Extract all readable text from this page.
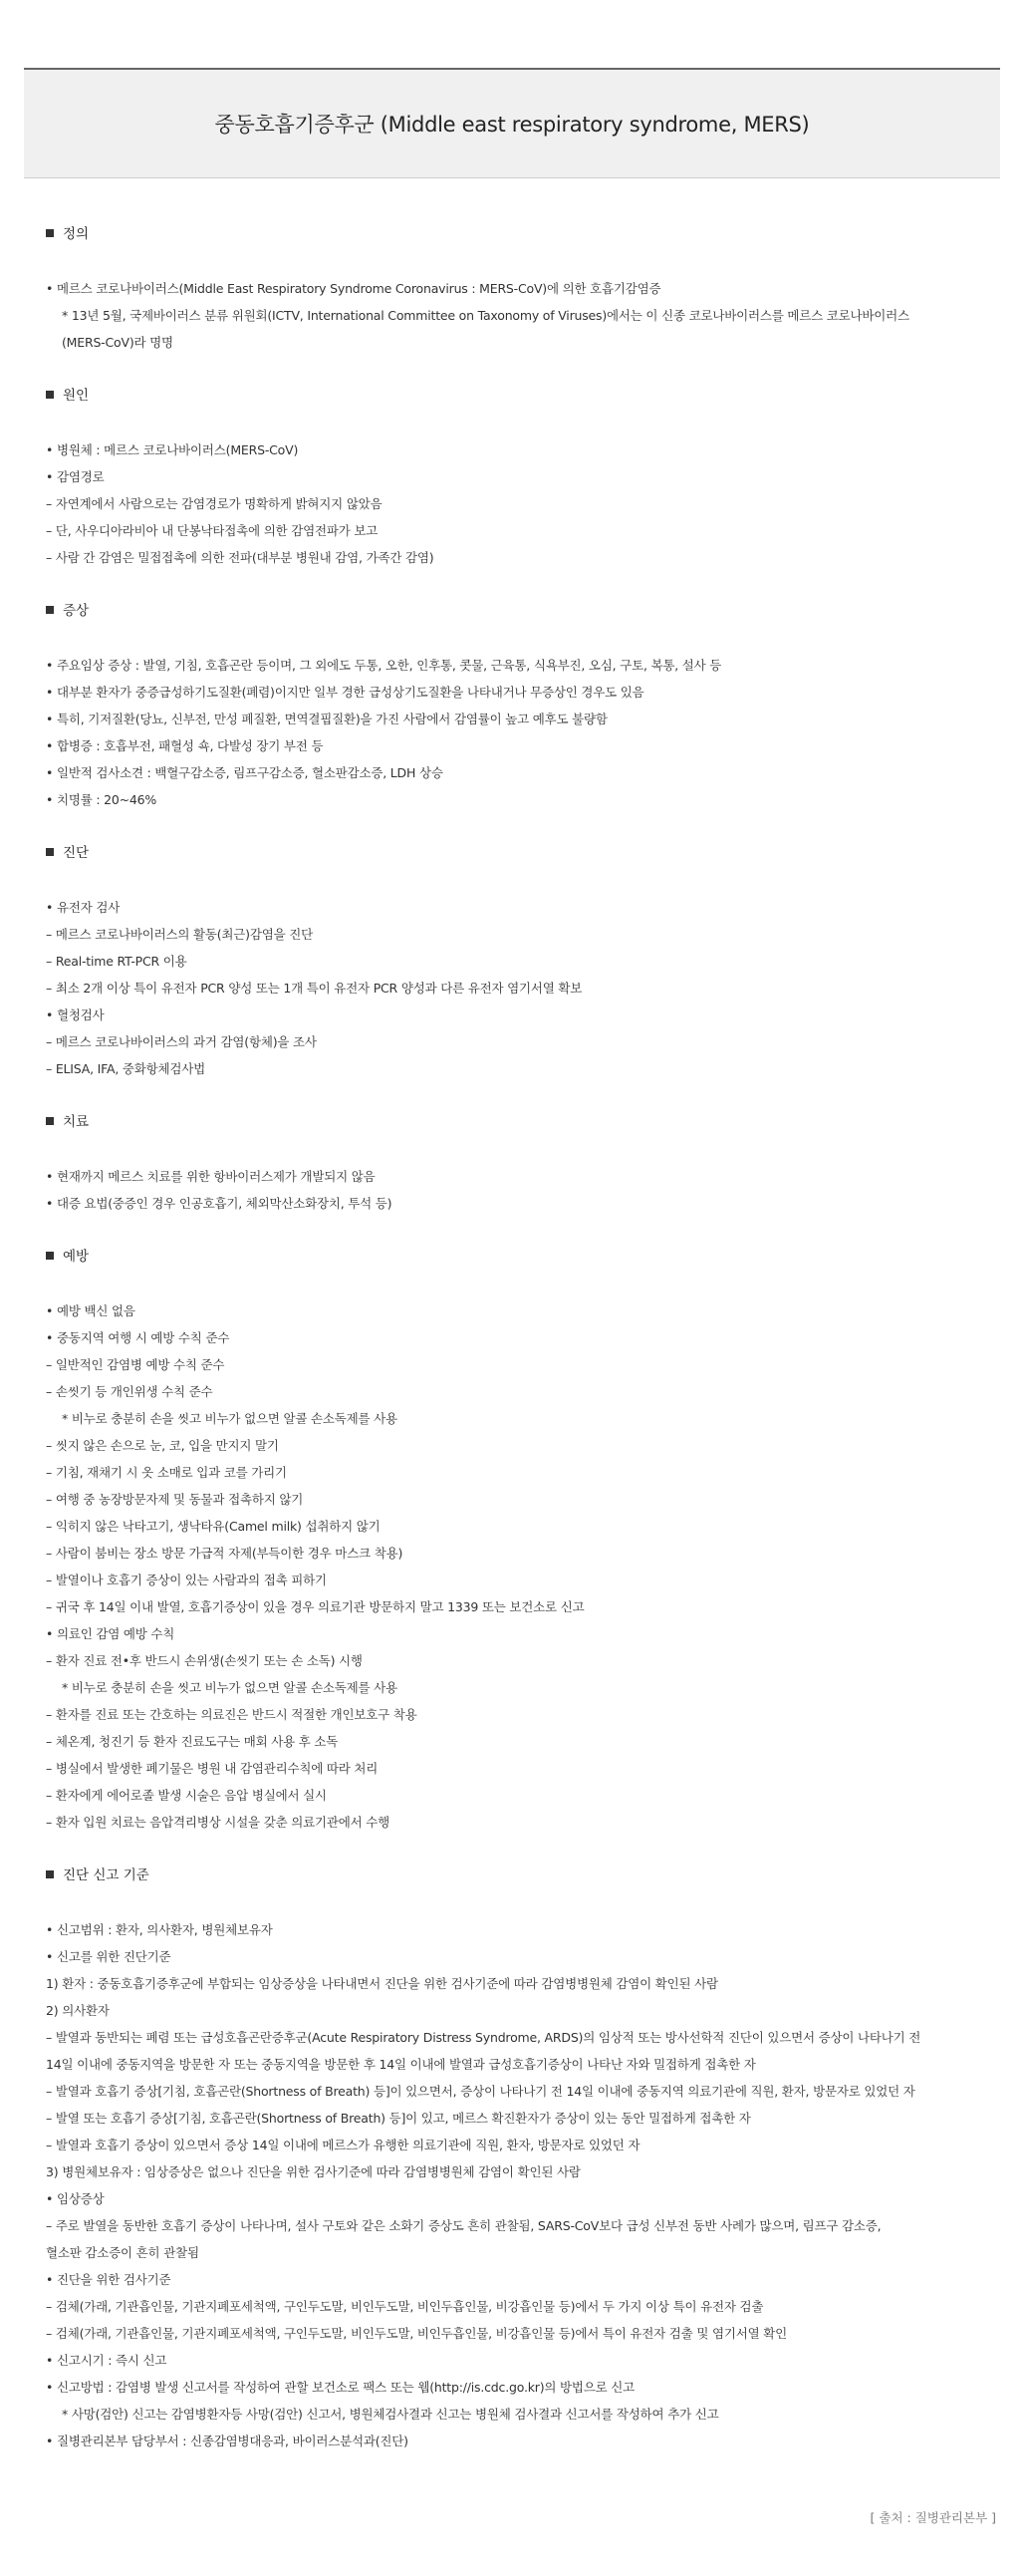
중동호흡기증후군 (Middle east respiratory syndrome, MERS)
정의
• 메르스 코로나바이러스(Middle East Respiratory Syndrome Coronavirus : MERS-CoV)에 의한 호흡기감염증
* 13년 5월, 국제바이러스 분류 위원회(ICTV, International Committee on Taxonomy of Viruses)에서는 이 신종 코로나바이러스를 메르스 코로나바이러스
(MERS-CoV)라 명명
원인
• 병원체 : 메르스 코로나바이러스(MERS-CoV)
• 감염경로
– 자연계에서 사람으로는 감염경로가 명확하게 밝혀지지 않았음
– 단, 사우디아라비아 내 단봉낙타접촉에 의한 감염전파가 보고
– 사람 간 감염은 밀접접촉에 의한 전파(대부분 병원내 감염, 가족간 감염)
증상
• 주요임상 증상 : 발열, 기침, 호흡곤란 등이며, 그 외에도 두통, 오한, 인후통, 콧물, 근육통, 식욕부진, 오심, 구토, 복통, 설사 등
• 대부분 환자가 중증급성하기도질환(폐렴)이지만 일부 경한 급성상기도질환을 나타내거나 무증상인 경우도 있음
• 특히, 기저질환(당뇨, 신부전, 만성 폐질환, 면역결핍질환)을 가진 사람에서 감염률이 높고 예후도 불량함
• 합병증 : 호흡부전, 패혈성 쇽, 다발성 장기 부전 등
• 일반적 검사소견 : 백혈구감소증, 림프구감소증, 혈소판감소증, LDH 상승
• 치명률 : 20~46%
진단
• 유전자 검사
– 메르스 코로나바이러스의 활동(최근)감염을 진단
– Real-time RT-PCR 이용
– 최소 2개 이상 특이 유전자 PCR 양성 또는 1개 특이 유전자 PCR 양성과 다른 유전자 염기서열 확보
• 혈청검사
– 메르스 코로나바이러스의 과거 감염(항체)을 조사
– ELISA, IFA, 중화항체검사법
치료
• 현재까지 메르스 치료를 위한 항바이러스제가 개발되지 않음
• 대증 요법(중증인 경우 인공호흡기, 체외막산소화장치, 투석 등)
예방
• 예방 백신 없음
• 중동지역 여행 시 예방 수칙 준수
– 일반적인 감염병 예방 수칙 준수
– 손씻기 등 개인위생 수칙 준수
* 비누로 충분히 손을 씻고 비누가 없으면 알콜 손소독제를 사용
– 씻지 않은 손으로 눈, 코, 입을 만지지 말기
– 기침, 재채기 시 옷 소매로 입과 코를 가리기
– 여행 중 농장방문자제 및 동물과 접촉하지 않기
– 익히지 않은 낙타고기, 생낙타유(Camel milk) 섭취하지 않기
– 사람이 붐비는 장소 방문 가급적 자제(부득이한 경우 마스크 착용)
– 발열이나 호흡기 증상이 있는 사람과의 접촉 피하기
– 귀국 후 14일 이내 발열, 호흡기증상이 있을 경우 의료기관 방문하지 말고 1339 또는 보건소로 신고
• 의료인 감염 예방 수칙
– 환자 진료 전•후 반드시 손위생(손씻기 또는 손 소독) 시행
* 비누로 충분히 손을 씻고 비누가 없으면 알콜 손소독제를 사용
– 환자를 진료 또는 간호하는 의료진은 반드시 적절한 개인보호구 착용
– 체온계, 청진기 등 환자 진료도구는 매회 사용 후 소독
– 병실에서 발생한 폐기물은 병원 내 감염관리수칙에 따라 처리
– 환자에게 에어로졸 발생 시술은 음압 병실에서 실시
– 환자 입원 치료는 음압격리병상 시설을 갖춘 의료기관에서 수행
진단 신고 기준
• 신고범위 : 환자, 의사환자, 병원체보유자
• 신고를 위한 진단기준
1) 환자 : 중동호흡기증후군에 부합되는 임상증상을 나타내면서 진단을 위한 검사기준에 따라 감염병병원체 감염이 확인된 사람
2) 의사환자
– 발열과 동반되는 폐렴 또는 급성호흡곤란증후군(Acute Respiratory Distress Syndrome, ARDS)의 임상적 또는 방사선학적 진단이 있으면서 증상이 나타나기 전
14일 이내에 중동지역을 방문한 자 또는 중동지역을 방문한 후 14일 이내에 발열과 급성호흡기증상이 나타난 자와 밀접하게 접촉한 자
– 발열과 호흡기 증상[기침, 호흡곤란(Shortness of Breath) 등]이 있으면서, 증상이 나타나기 전 14일 이내에 중동지역 의료기관에 직원, 환자, 방문자로 있었던 자
– 발열 또는 호흡기 증상[기침, 호흡곤란(Shortness of Breath) 등]이 있고, 메르스 확진환자가 증상이 있는 동안 밀접하게 접촉한 자
– 발열과 호흡기 증상이 있으면서 증상 14일 이내에 메르스가 유행한 의료기관에 직원, 환자, 방문자로 있었던 자
3) 병원체보유자 : 임상증상은 없으나 진단을 위한 검사기준에 따라 감염병병원체 감염이 확인된 사람
• 임상증상
– 주로 발열을 동반한 호흡기 증상이 나타나며, 설사 구토와 같은 소화기 증상도 흔히 관찰됨, SARS-CoV보다 급성 신부전 동반 사례가 많으며, 림프구 감소증,
혈소판 감소증이 흔히 관찰됨
• 진단을 위한 검사기준
– 검체(가래, 기관흡인물, 기관지폐포세척액, 구인두도말, 비인두도말, 비인두흡인물, 비강흡인물 등)에서 두 가지 이상 특이 유전자 검출
– 검체(가래, 기관흡인물, 기관지폐포세척액, 구인두도말, 비인두도말, 비인두흡인물, 비강흡인물 등)에서 특이 유전자 검출 및 염기서열 확인
• 신고시기 : 즉시 신고
• 신고방법 : 감염병 발생 신고서를 작성하여 관할 보건소로 팩스 또는 웹(http://is.cdc.go.kr)의 방법으로 신고
* 사망(검안) 신고는 감염병환자등 사망(검안) 신고서, 병원체검사결과 신고는 병원체 검사결과 신고서를 작성하여 추가 신고
• 질병관리본부 담당부서 : 신종감염병대응과, 바이러스분석과(진단)
[ 출처 : 질병관리본부 ]
